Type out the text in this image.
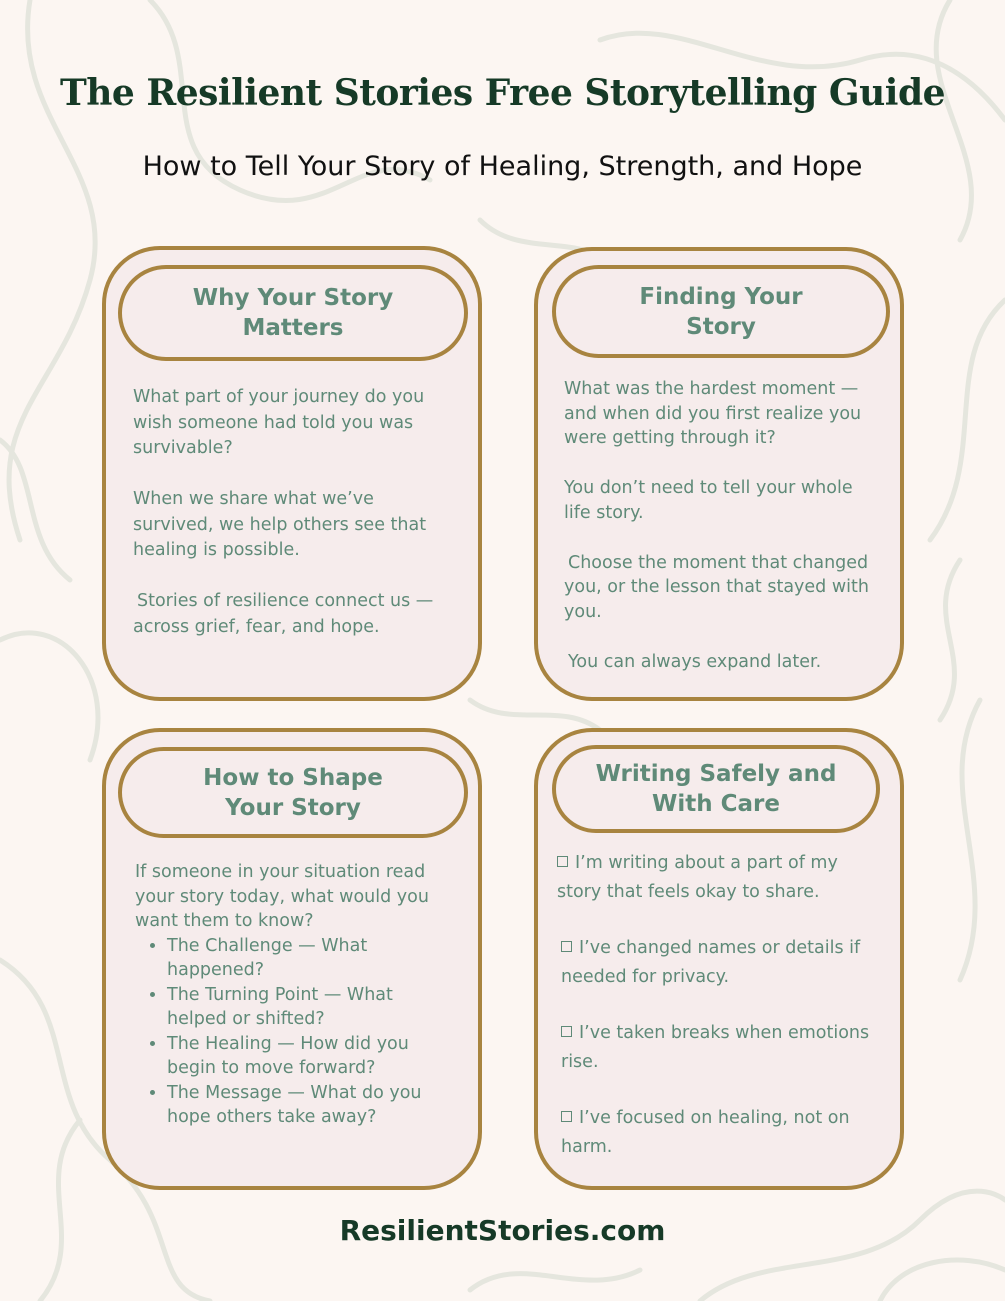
The Resilient Stories Free Storytelling Guide
How to Tell Your Story of Healing, Strength, and Hope
Why Your Story
Matters

What part of your journey do you wish someone had told you was survivable?

When we share what we’ve survived, we help others see that healing is possible.

Stories of resilience connect us — across grief, fear, and hope.

Finding Your
Story

What was the hardest moment — and when did you first realize you were getting through it?

You don’t need to tell your whole life story.

Choose the moment that changed you, or the lesson that stayed with you.

You can always expand later.

How to Shape
Your Story

If someone in your situation read your story today, what would you want them to know?

• The Challenge — What happened?
• The Turning Point — What helped or shifted?
• The Healing — How did you begin to move forward?
• The Message — What do you hope others take away?
Writing Safely and
With Care

I’m writing about a part of my story that feels okay to share.

I’ve changed names or details if needed for privacy.

I’ve taken breaks when emotions rise.

I’ve focused on healing, not on harm.

ResilientStories.com
